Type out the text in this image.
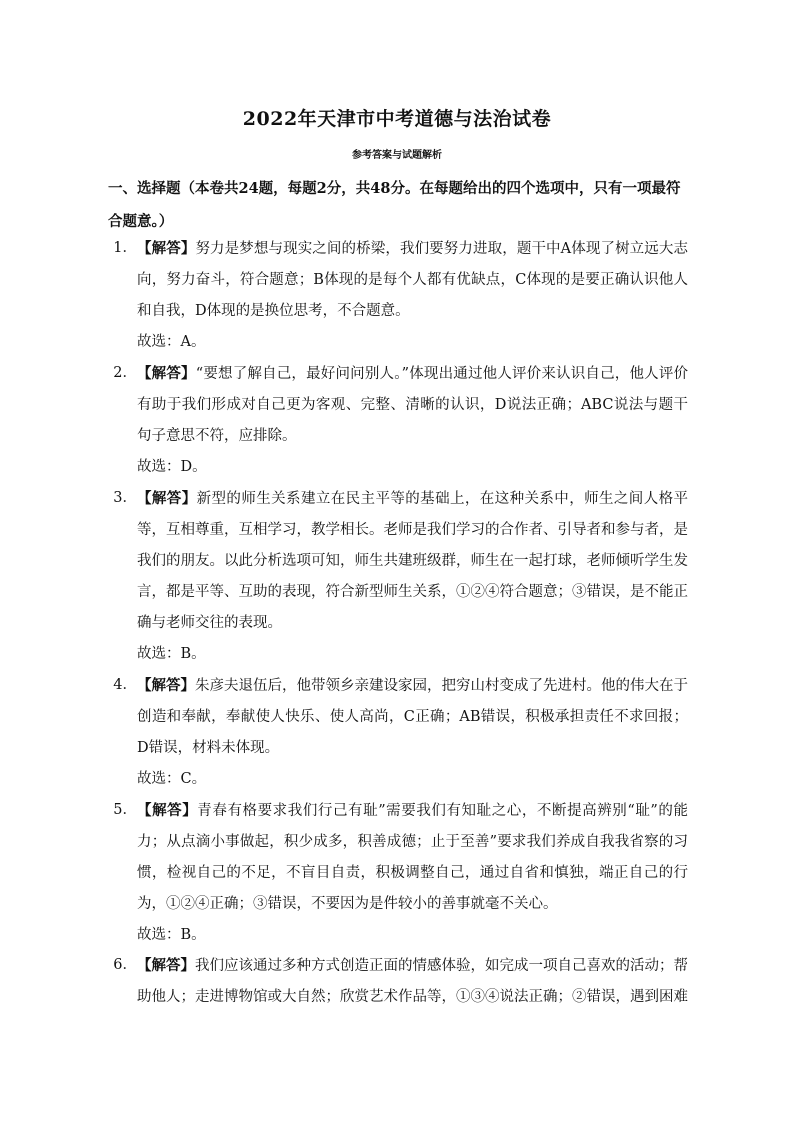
2022年天津市中考道德与法治试卷
参考答案与试题解析
一、选择题（本卷共24题，每题2分，共48分。在每题给出的四个选项中，只有一项最符合题意。）
1． 【解答】努力是梦想与现实之间的桥梁，我们要努力进取，题干中A体现了树立远大志向，努力奋斗，符合题意；B体现的是每个人都有优缺点，C体现的是要正确认识他人和自我，D体现的是换位思考，不合题意。
故选：A。
2． 【解答】“要想了解自己，最好问问别人。”体现出通过他人评价来认识自己，他人评价有助于我们形成对自己更为客观、完整、清晰的认识，D说法正确；ABC说法与题干句子意思不符，应排除。
故选：D。
3． 【解答】新型的师生关系建立在民主平等的基础上，在这种关系中，师生之间人格平等，互相尊重，互相学习，教学相长。老师是我们学习的合作者、引导者和参与者，是我们的朋友。以此分析选项可知，师生共建班级群，师生在一起打球，老师倾听学生发言，都是平等、互助的表现，符合新型师生关系，①②④符合题意；③错误，是不能正确与老师交往的表现。
故选：B。
4． 【解答】朱彦夫退伍后，他带领乡亲建设家园，把穷山村变成了先进村。他的伟大在于创造和奉献，奉献使人快乐、使人高尚，C正确；AB错误，积极承担责任不求回报；D错误，材料未体现。
故选：C。
5． 【解答】青春有格要求我们行己有耻”需要我们有知耻之心，不断提高辨别“耻”的能力；从点滴小事做起，积少成多，积善成德；止于至善”要求我们养成自我我省察的习惯，检视自己的不足，不盲目自责，积极调整自己，通过自省和慎独，端正自己的行为，①②④正确；③错误，不要因为是件较小的善事就毫不关心。
故选：B。
6． 【解答】我们应该通过多种方式创造正面的情感体验，如完成一项自己喜欢的活动；帮助他人；走进博物馆或大自然；欣赏艺术作品等，①③④说法正确；②错误，遇到困难
